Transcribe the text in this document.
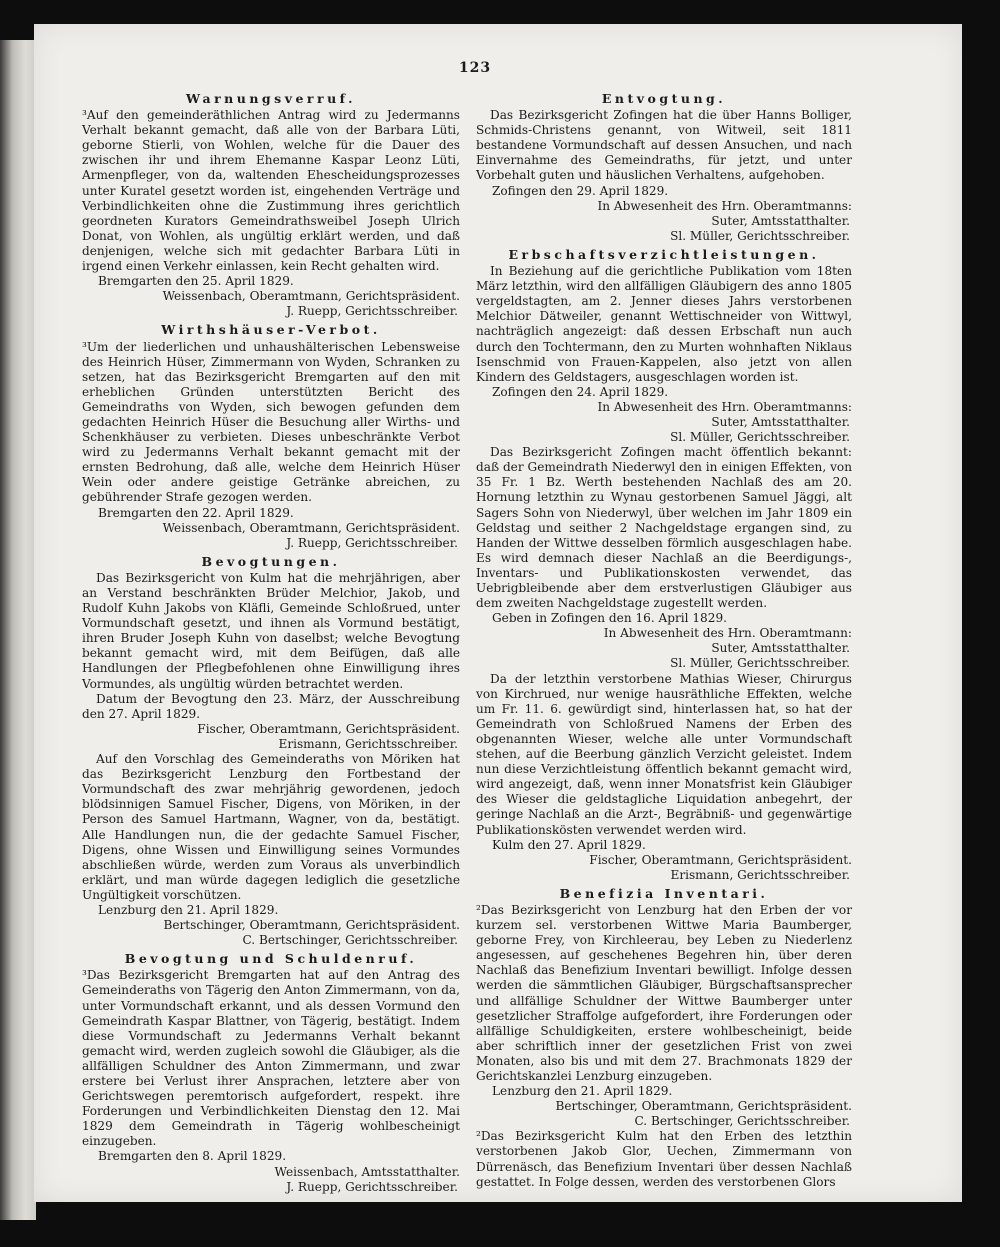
123
Warnungsverruf.

³Auf den gemeinderäthlichen Antrag wird zu Jedermanns Verhalt bekannt gemacht, daß alle von der Barbara Lüti, geborne Stierli, von Wohlen, welche für die Dauer des zwischen ihr und ihrem Ehemanne Kaspar Leonz Lüti, Armenpfleger, von da, waltenden Ehescheidungsprozesses unter Kuratel gesetzt worden ist, eingehenden Verträge und Verbindlichkeiten ohne die Zustimmung ihres gerichtlich geordneten Kurators Gemeindrathsweibel Joseph Ulrich Donat, von Wohlen, als ungültig erklärt werden, und daß denjenigen, welche sich mit gedachter Barbara Lüti in irgend einen Verkehr einlassen, kein Recht gehalten wird.

Bremgarten den 25. April 1829.

Weissenbach, Oberamtmann, Gerichtspräsident.

J. Ruepp, Gerichtsschreiber.

Wirthshäuser-Verbot.

³Um der liederlichen und unhaushälterischen Lebensweise des Heinrich Hüser, Zimmermann von Wyden, Schranken zu setzen, hat das Bezirksgericht Bremgarten auf den mit erheblichen Gründen unterstützten Bericht des Gemeindraths von Wyden, sich bewogen gefunden dem gedachten Heinrich Hüser die Besuchung aller Wirths- und Schenkhäuser zu verbieten. Dieses unbeschränkte Verbot wird zu Jedermanns Verhalt bekannt gemacht mit der ernsten Bedrohung, daß alle, welche dem Heinrich Hüser Wein oder andere geistige Getränke abreichen, zu gebührender Strafe gezogen werden.

Bremgarten den 22. April 1829.

Weissenbach, Oberamtmann, Gerichtspräsident.

J. Ruepp, Gerichtsschreiber.

Bevogtungen.

Das Bezirksgericht von Kulm hat die mehrjährigen, aber an Verstand beschränkten Brüder Melchior, Jakob, und Rudolf Kuhn Jakobs von Kläfli, Gemeinde Schloßrued, unter Vormundschaft gesetzt, und ihnen als Vormund bestätigt, ihren Bruder Joseph Kuhn von daselbst; welche Bevogtung bekannt gemacht wird, mit dem Beifügen, daß alle Handlungen der Pflegbefohlenen ohne Einwilligung ihres Vormundes, als ungültig würden betrachtet werden.

Datum der Bevogtung den 23. März, der Ausschreibung den 27. April 1829.

Fischer, Oberamtmann, Gerichtspräsident.

Erismann, Gerichtsschreiber.

Auf den Vorschlag des Gemeinderaths von Möriken hat das Bezirksgericht Lenzburg den Fortbestand der Vormundschaft des zwar mehrjährig gewordenen, jedoch blödsinnigen Samuel Fischer, Digens, von Möriken, in der Person des Samuel Hartmann, Wagner, von da, bestätigt. Alle Handlungen nun, die der gedachte Samuel Fischer, Digens, ohne Wissen und Einwilligung seines Vormundes abschließen würde, werden zum Voraus als unverbindlich erklärt, und man würde dagegen lediglich die gesetzliche Ungültigkeit vorschützen.

Lenzburg den 21. April 1829.

Bertschinger, Oberamtmann, Gerichtspräsident.

C. Bertschinger, Gerichtsschreiber.

Bevogtung und Schuldenruf.

³Das Bezirksgericht Bremgarten hat auf den Antrag des Gemeinderaths von Tägerig den Anton Zimmermann, von da, unter Vormundschaft erkannt, und als dessen Vormund den Gemeindrath Kaspar Blattner, von Tägerig, bestätigt. Indem diese Vormundschaft zu Jedermanns Verhalt bekannt gemacht wird, werden zugleich sowohl die Gläubiger, als die allfälligen Schuldner des Anton Zimmermann, und zwar erstere bei Verlust ihrer Ansprachen, letztere aber von Gerichtswegen peremtorisch aufgefordert, respekt. ihre Forderungen und Verbindlichkeiten Dienstag den 12. Mai 1829 dem Gemeindrath in Tägerig wohlbescheinigt einzugeben.

Bremgarten den 8. April 1829.

Weissenbach, Amtsstatthalter.

J. Ruepp, Gerichtsschreiber.

Entvogtung.

Das Bezirksgericht Zofingen hat die über Hanns Bolliger, Schmids-Christens genannt, von Witweil, seit 1811 bestandene Vormundschaft auf dessen Ansuchen, und nach Einvernahme des Gemeindraths, für jetzt, und unter Vorbehalt guten und häuslichen Verhaltens, aufgehoben.

Zofingen den 29. April 1829.

In Abwesenheit des Hrn. Oberamtmanns:

Suter, Amtsstatthalter.

Sl. Müller, Gerichtsschreiber.

Erbschaftsverzichtleistungen.

In Beziehung auf die gerichtliche Publikation vom 18ten März letzthin, wird den allfälligen Gläubigern des anno 1805 vergeldstagten, am 2. Jenner dieses Jahrs verstorbenen Melchior Dätweiler, genannt Wettischneider von Wittwyl, nachträglich angezeigt: daß dessen Erbschaft nun auch durch den Tochtermann, den zu Murten wohnhaften Niklaus Isenschmid von Frauen-Kappelen, also jetzt von allen Kindern des Geldstagers, ausgeschlagen worden ist.

Zofingen den 24. April 1829.

In Abwesenheit des Hrn. Oberamtmanns:

Suter, Amtsstatthalter.

Sl. Müller, Gerichtsschreiber.

Das Bezirksgericht Zofingen macht öffentlich bekannt: daß der Gemeindrath Niederwyl den in einigen Effekten, von 35 Fr. 1 Bz. Werth bestehenden Nachlaß des am 20. Hornung letzthin zu Wynau gestorbenen Samuel Jäggi, alt Sagers Sohn von Niederwyl, über welchen im Jahr 1809 ein Geldstag und seither 2 Nachgeldstage ergangen sind, zu Handen der Wittwe desselben förmlich ausgeschlagen habe. Es wird demnach dieser Nachlaß an die Beerdigungs-, Inventars- und Publikationskosten verwendet, das Uebrigbleibende aber dem erstverlustigen Gläubiger aus dem zweiten Nachgeldstage zugestellt werden.

Geben in Zofingen den 16. April 1829.

In Abwesenheit des Hrn. Oberamtmann:

Suter, Amtsstatthalter.

Sl. Müller, Gerichtsschreiber.

Da der letzthin verstorbene Mathias Wieser, Chirurgus von Kirchrued, nur wenige hausräthliche Effekten, welche um Fr. 11. 6. gewürdigt sind, hinterlassen hat, so hat der Gemeindrath von Schloßrued Namens der Erben des obgenannten Wieser, welche alle unter Vormundschaft stehen, auf die Beerbung gänzlich Verzicht geleistet. Indem nun diese Verzichtleistung öffentlich bekannt gemacht wird, wird angezeigt, daß, wenn inner Monatsfrist kein Gläubiger des Wieser die geldstagliche Liquidation anbegehrt, der geringe Nachlaß an die Arzt-, Begräbniß- und gegenwärtige Publikationskösten verwendet werden wird.

Kulm den 27. April 1829.

Fischer, Oberamtmann, Gerichtspräsident.

Erismann, Gerichtsschreiber.

Benefizia Inventari.

²Das Bezirksgericht von Lenzburg hat den Erben der vor kurzem sel. verstorbenen Wittwe Maria Baumberger, geborne Frey, von Kirchleerau, bey Leben zu Niederlenz angesessen, auf geschehenes Begehren hin, über deren Nachlaß das Benefizium Inventari bewilligt. Infolge dessen werden die sämmtlichen Gläubiger, Bürgschaftsansprecher und allfällige Schuldner der Wittwe Baumberger unter gesetzlicher Straffolge aufgefordert, ihre Forderungen oder allfällige Schuldigkeiten, erstere wohlbescheinigt, beide aber schriftlich inner der gesetzlichen Frist von zwei Monaten, also bis und mit dem 27. Brachmonats 1829 der Gerichtskanzlei Lenzburg einzugeben.

Lenzburg den 21. April 1829.

Bertschinger, Oberamtmann, Gerichtspräsident.

C. Bertschinger, Gerichtsschreiber.

²Das Bezirksgericht Kulm hat den Erben des letzthin verstorbenen Jakob Glor, Uechen, Zimmermann von Dürrenäsch, das Benefizium Inventari über dessen Nachlaß gestattet. In Folge dessen, werden des verstorbenen Glors
